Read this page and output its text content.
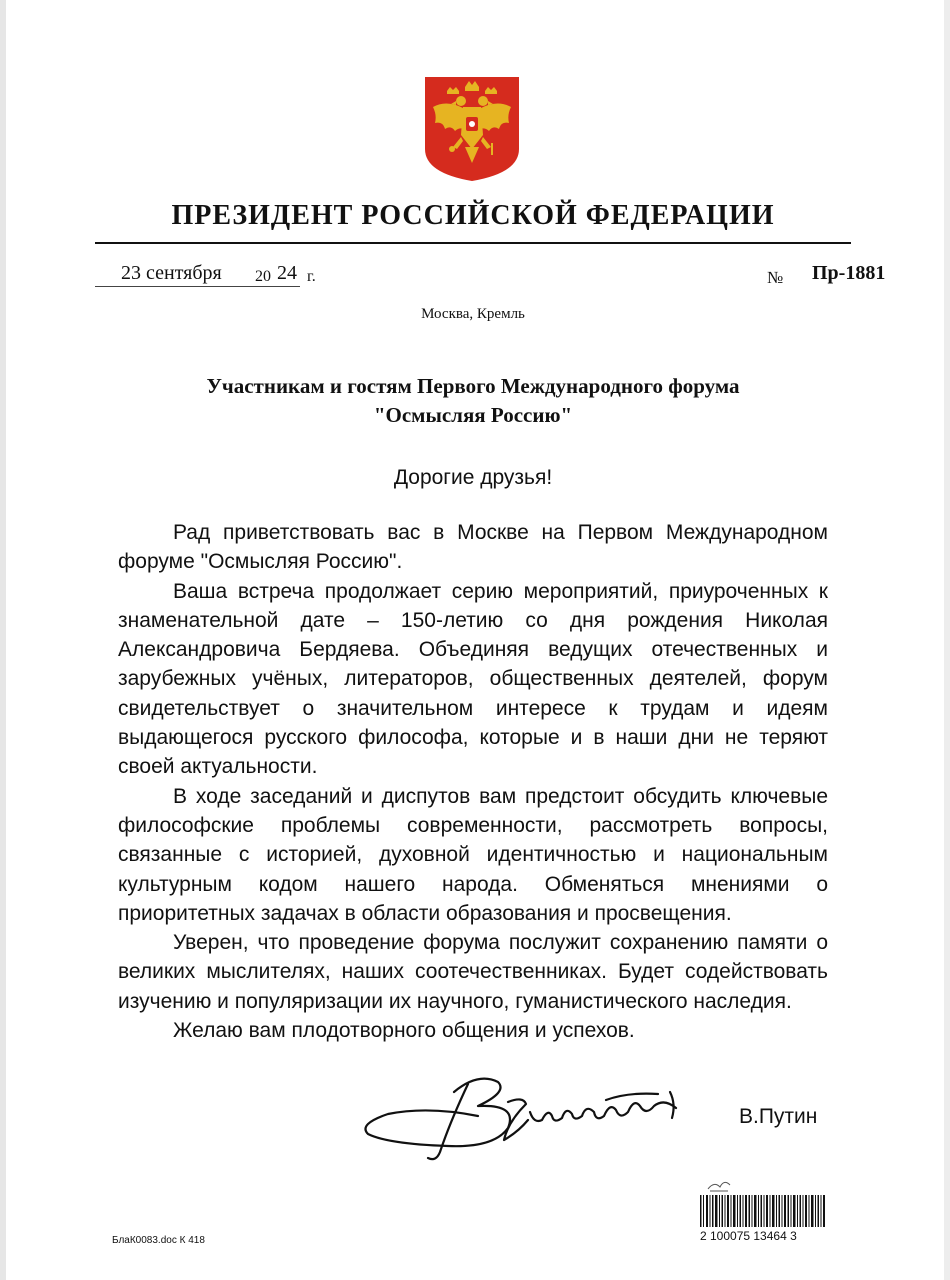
ПРЕЗИДЕНТ РОССИЙСКОЙ ФЕДЕРАЦИИ
23 сентября 20 24 г.	№ Пр-1881
Москва, Кремль
Участникам и гостям Первого Международного форума
"Осмысляя Россию"
Дорогие друзья!

Рад приветствовать вас в Москве на Первом Международном форуме "Осмысляя Россию".

Ваша встреча продолжает серию мероприятий, приуроченных к знаменательной дате – 150-летию со дня рождения Николая Александровича Бердяева. Объединяя ведущих отечественных и зарубежных учёных, литераторов, общественных деятелей, форум свидетельствует о значительном интересе к трудам и идеям выдающегося русского философа, которые и в наши дни не теряют своей актуальности.

В ходе заседаний и диспутов вам предстоит обсудить ключевые философские проблемы современности, рассмотреть вопросы, связанные с историей, духовной идентичностью и национальным культурным кодом нашего народа. Обменяться мнениями о приоритетных задачах в области образования и просвещения.

Уверен, что проведение форума послужит сохранению памяти о великих мыслителях, наших соотечественниках. Будет содействовать изучению и популяризации их научного, гуманистического наследия.

Желаю вам плодотворного общения и успехов.

В.Путин
БлаК0083.doc К 418	2 100075 13464 3
